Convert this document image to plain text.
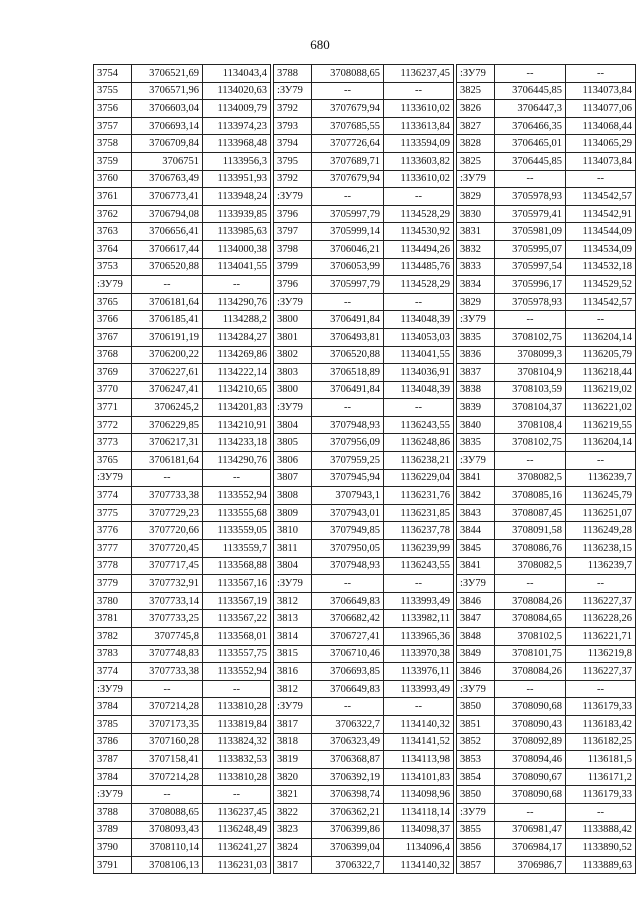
680
3754	3706521,69	1134043,4
3755	3706571,96	1134020,63
3756	3706603,04	1134009,79
3757	3706693,14	1133974,23
3758	3706709,84	1133968,48
3759	3706751	1133956,3
3760	3706763,49	1133951,93
3761	3706773,41	1133948,24
3762	3706794,08	1133939,85
3763	3706656,41	1133985,63
3764	3706617,44	1134000,38
3753	3706520,88	1134041,55
:ЗУ79	--	--
3765	3706181,64	1134290,76
3766	3706185,41	1134288,2
3767	3706191,19	1134284,27
3768	3706200,22	1134269,86
3769	3706227,61	1134222,14
3770	3706247,41	1134210,65
3771	3706245,2	1134201,83
3772	3706229,85	1134210,91
3773	3706217,31	1134233,18
3765	3706181,64	1134290,76
:ЗУ79	--	--
3774	3707733,38	1133552,94
3775	3707729,23	1133555,68
3776	3707720,66	1133559,05
3777	3707720,45	1133559,7
3778	3707717,45	1133568,88
3779	3707732,91	1133567,16
3780	3707733,14	1133567,19
3781	3707733,25	1133567,22
3782	3707745,8	1133568,01
3783	3707748,83	1133557,75
3774	3707733,38	1133552,94
:ЗУ79	--	--
3784	3707214,28	1133810,28
3785	3707173,35	1133819,84
3786	3707160,28	1133824,32
3787	3707158,41	1133832,53
3784	3707214,28	1133810,28
:ЗУ79	--	--
3788	3708088,65	1136237,45
3789	3708093,43	1136248,49
3790	3708110,14	1136241,27
3791	3708106,13	1136231,03
3788	3708088,65	1136237,45
:ЗУ79	--	--
3792	3707679,94	1133610,02
3793	3707685,55	1133613,84
3794	3707726,64	1133594,09
3795	3707689,71	1133603,82
3792	3707679,94	1133610,02
:ЗУ79	--	--
3796	3705997,79	1134528,29
3797	3705999,14	1134530,92
3798	3706046,21	1134494,26
3799	3706053,99	1134485,76
3796	3705997,79	1134528,29
:ЗУ79	--	--
3800	3706491,84	1134048,39
3801	3706493,81	1134053,03
3802	3706520,88	1134041,55
3803	3706518,89	1134036,91
3800	3706491,84	1134048,39
:ЗУ79	--	--
3804	3707948,93	1136243,55
3805	3707956,09	1136248,86
3806	3707959,25	1136238,21
3807	3707945,94	1136229,04
3808	3707943,1	1136231,76
3809	3707943,01	1136231,85
3810	3707949,85	1136237,78
3811	3707950,05	1136239,99
3804	3707948,93	1136243,55
:ЗУ79	--	--
3812	3706649,83	1133993,49
3813	3706682,42	1133982,11
3814	3706727,41	1133965,36
3815	3706710,46	1133970,38
3816	3706693,85	1133976,11
3812	3706649,83	1133993,49
:ЗУ79	--	--
3817	3706322,7	1134140,32
3818	3706323,49	1134141,52
3819	3706368,87	1134113,98
3820	3706392,19	1134101,83
3821	3706398,74	1134098,96
3822	3706362,21	1134118,14
3823	3706399,86	1134098,37
3824	3706399,04	1134096,4
3817	3706322,7	1134140,32
:ЗУ79	--	--
3825	3706445,85	1134073,84
3826	3706447,3	1134077,06
3827	3706466,35	1134068,44
3828	3706465,01	1134065,29
3825	3706445,85	1134073,84
:ЗУ79	--	--
3829	3705978,93	1134542,57
3830	3705979,41	1134542,91
3831	3705981,09	1134544,09
3832	3705995,07	1134534,09
3833	3705997,54	1134532,18
3834	3705996,17	1134529,52
3829	3705978,93	1134542,57
:ЗУ79	--	--
3835	3708102,75	1136204,14
3836	3708099,3	1136205,79
3837	3708104,9	1136218,44
3838	3708103,59	1136219,02
3839	3708104,37	1136221,02
3840	3708108,4	1136219,55
3835	3708102,75	1136204,14
:ЗУ79	--	--
3841	3708082,5	1136239,7
3842	3708085,16	1136245,79
3843	3708087,45	1136251,07
3844	3708091,58	1136249,28
3845	3708086,76	1136238,15
3841	3708082,5	1136239,7
:ЗУ79	--	--
3846	3708084,26	1136227,37
3847	3708084,65	1136228,26
3848	3708102,5	1136221,71
3849	3708101,75	1136219,8
3846	3708084,26	1136227,37
:ЗУ79	--	--
3850	3708090,68	1136179,33
3851	3708090,43	1136183,42
3852	3708092,89	1136182,25
3853	3708094,46	1136181,5
3854	3708090,67	1136171,2
3850	3708090,68	1136179,33
:ЗУ79	--	--
3855	3706981,47	1133888,42
3856	3706984,17	1133890,52
3857	3706986,7	1133889,63
